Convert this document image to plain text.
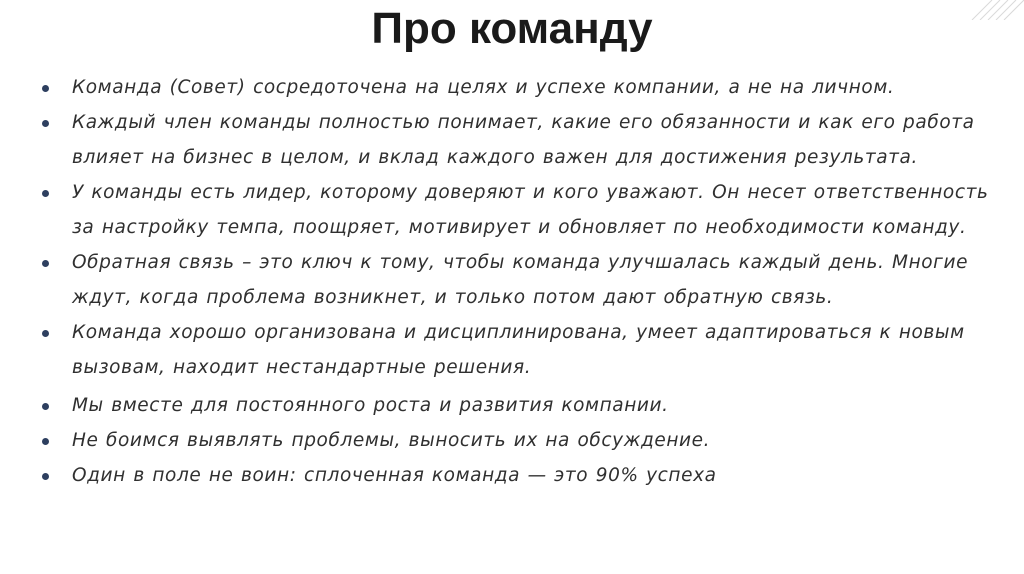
Про команду
Команда (Совет) сосредоточена на целях и успехе компании, а не на личном.
Каждый член команды полностью понимает, какие его обязанности и как его работа влияет на бизнес в целом, и вклад каждого важен для достижения результата.
У команды есть лидер, которому доверяют и кого уважают. Он несет ответственность за настройку темпа, поощряет, мотивирует и обновляет по необходимости команду.
Обратная связь – это ключ к тому, чтобы команда улучшалась каждый день. Многие ждут, когда проблема возникнет, и только потом дают обратную связь.
Команда хорошо организована и дисциплинирована, умеет адаптироваться к новым вызовам, находит нестандартные решения.
Мы вместе для постоянного роста и развития компании.
Не боимся выявлять проблемы, выносить их на обсуждение.
Один в поле не воин: сплоченная команда — это 90% успеха
